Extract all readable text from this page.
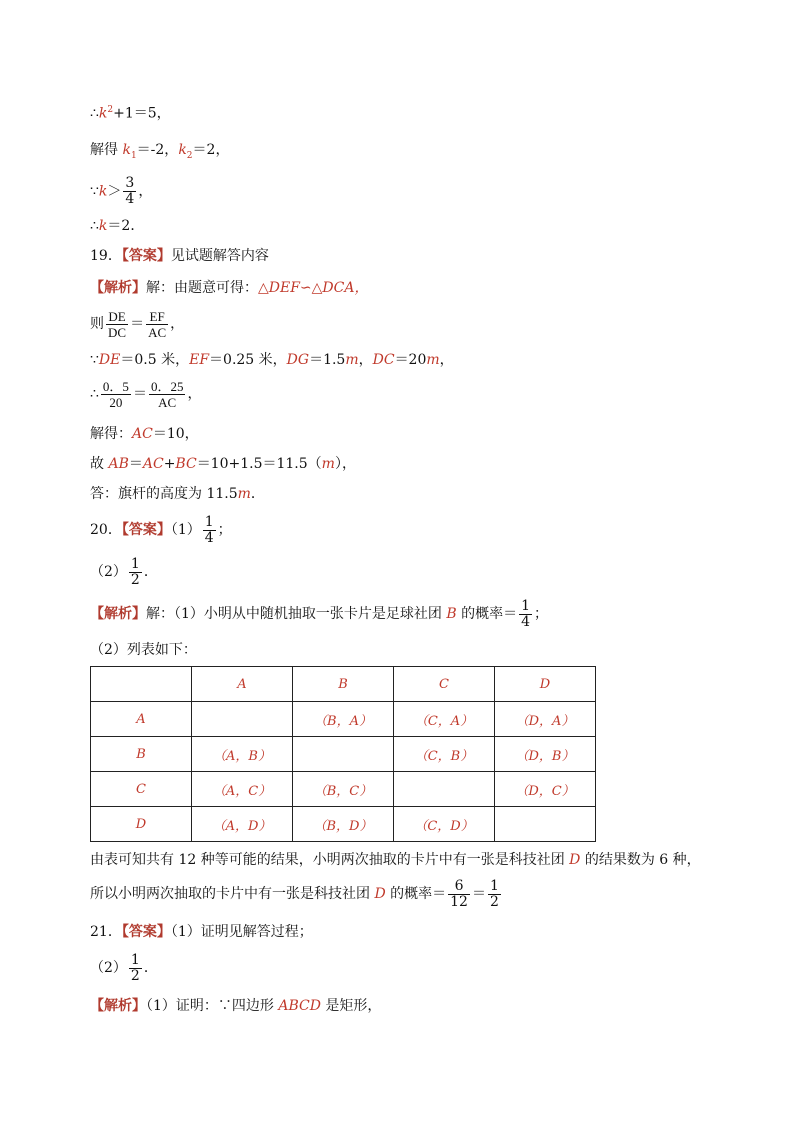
$\therefore k^2+1=5$，
解得 $k_1=-2$，$k_2=2$，
∵k＞ $\frac{3}{4}$ ，
∴k＝2．
19．【答案】见试题解答内容
【解析】解：由题意可得：△DEF∽△DCA，
则 $\frac{DE}{DC} = \frac{EF}{AC}$ ，
∵DE＝0.5 米，EF＝0.25 米，DG＝1.5m，DC＝20m，
∴ $\frac{0.5}{20} = \frac{0.25}{AC}$ ，
解得：AC＝10，
故 AB＝AC+BC＝10+1.5＝11.5（m），
答：旗杆的高度为 11.5m．
20．【答案】$(1) \frac{1}{4}$ ；
$(2) \frac{1}{2}$ ．
【解析】解：（1）小明从中随机抽取一张卡片是足球社团 B 的概率＝ $\frac{1}{4}$ ；
（2）列表如下：
	A	B	C	D
A		（B，A）	（C，A）	（D，A）
B	（A，B）		（C，B）	（D，B）
C	（A，C）	（B，C）		（D，C）
D	（A，D）	（B，D）	（C，D）	
由表可知共有 12 种等可能的结果，小明两次抽取的卡片中有一张是科技社团 D 的结果数为 6 种，
所以小明两次抽取的卡片中有一张是科技社团 D 的概率＝ $\frac{6}{12} = \frac{1}{2}$
21．【答案】（1）证明见解答过程；
$(2) \frac{1}{2}$ ．
【解析】（1）证明：∵四边形 ABCD 是矩形，
